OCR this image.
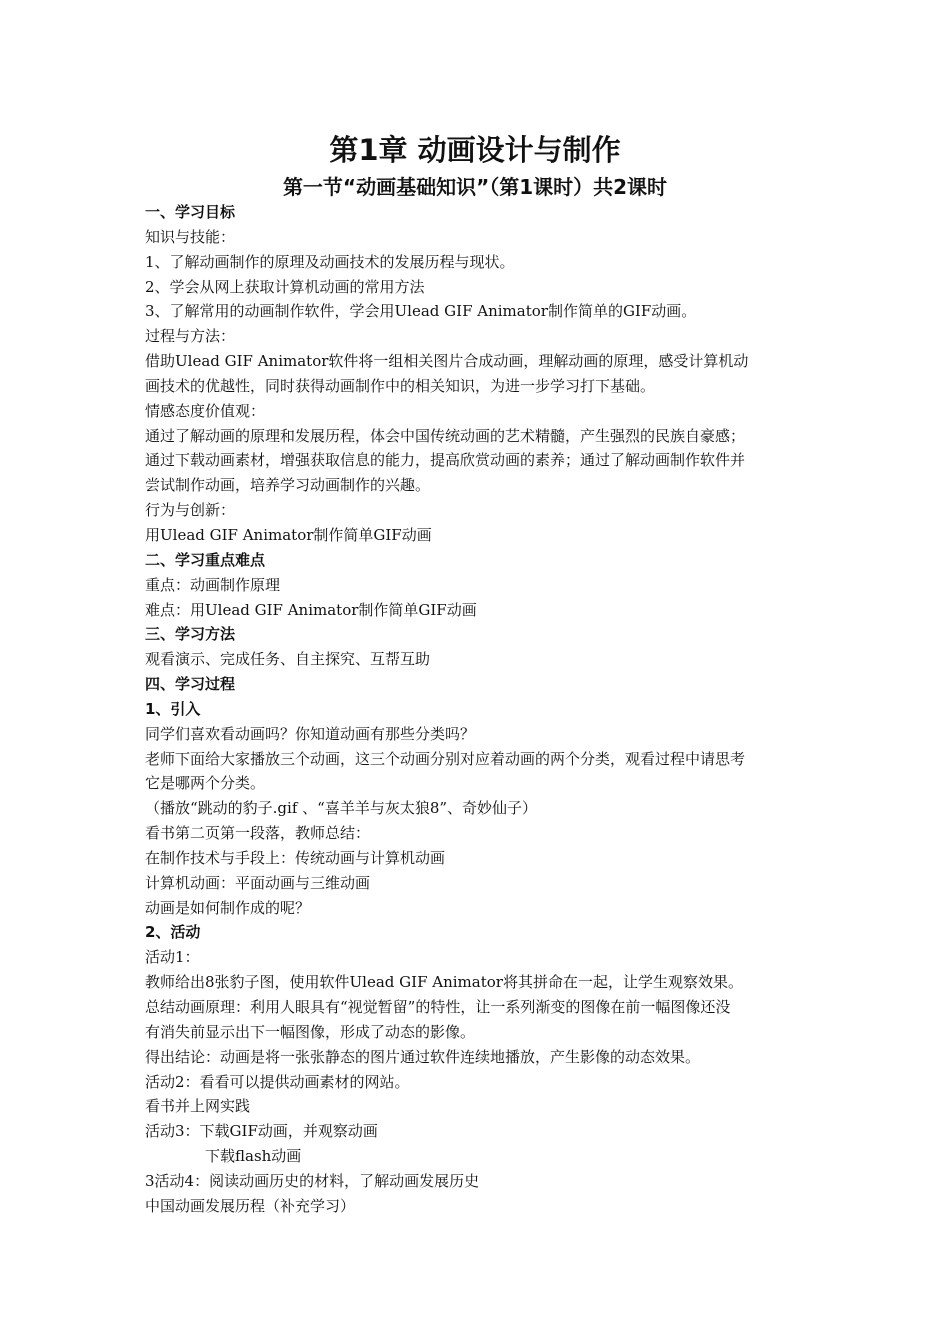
第1章 动画设计与制作
第一节“动画基础知识”（第1课时）共2课时

一、学习目标

知识与技能：

1、了解动画制作的原理及动画技术的发展历程与现状。

2、学会从网上获取计算机动画的常用方法

3、了解常用的动画制作软件，学会用Ulead GIF Animator制作简单的GIF动画。

过程与方法：

借助Ulead GIF Animator软件将一组相关图片合成动画，理解动画的原理，感受计算机动

画技术的优越性，同时获得动画制作中的相关知识，为进一步学习打下基础。

情感态度价值观：

通过了解动画的原理和发展历程，体会中国传统动画的艺术精髓，产生强烈的民族自豪感；

通过下载动画素材，增强获取信息的能力，提高欣赏动画的素养；通过了解动画制作软件并

尝试制作动画，培养学习动画制作的兴趣。

行为与创新：

用Ulead GIF Animator制作简单GIF动画

二、学习重点难点

重点：动画制作原理

难点：用Ulead GIF Animator制作简单GIF动画

三、学习方法

观看演示、完成任务、自主探究、互帮互助

四、学习过程

1、引入

同学们喜欢看动画吗？你知道动画有那些分类吗？

老师下面给大家播放三个动画，这三个动画分别对应着动画的两个分类，观看过程中请思考

它是哪两个分类。

（播放“跳动的豹子.gif 、“喜羊羊与灰太狼8”、奇妙仙子）

看书第二页第一段落，教师总结：

在制作技术与手段上：传统动画与计算机动画

计算机动画：平面动画与三维动画

动画是如何制作成的呢？

2、活动

活动1：

教师给出8张豹子图，使用软件Ulead GIF Animator将其拼命在一起，让学生观察效果。

总结动画原理：利用人眼具有“视觉暂留”的特性，让一系列渐变的图像在前一幅图像还没

有消失前显示出下一幅图像，形成了动态的影像。

得出结论：动画是将一张张静态的图片通过软件连续地播放，产生影像的动态效果。

活动2：看看可以提供动画素材的网站。

看书并上网实践

活动3：下载GIF动画，并观察动画

下载flash动画

3活动4：阅读动画历史的材料，了解动画发展历史

中国动画发展历程（补充学习）
